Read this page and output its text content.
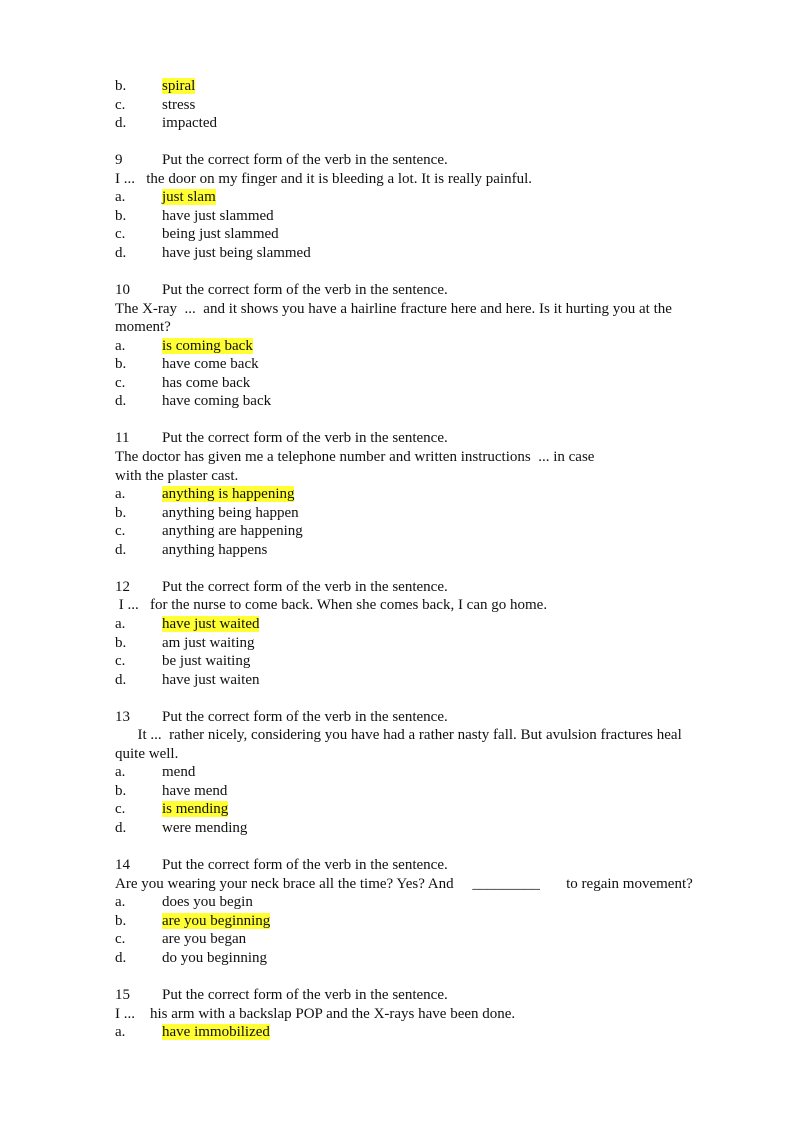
b. spiral
c. stress
d. impacted
9	Put the correct form of the verb in the sentence.
I ...   the door on my finger and it is bleeding a lot. It is really painful.
a. just slam
b. have just slammed
c. being just slammed
d. have just being slammed
10 Put the correct form of the verb in the sentence.
The X-ray  ...  and it shows you have a hairline fracture here and here. Is it hurting you at the
moment?
a. is coming back
b. have come back
c. has come back
d. have coming back
11 Put the correct form of the verb in the sentence.
The doctor has given me a telephone number and written instructions  ... in case
with the plaster cast.
a. anything is happening
b. anything being happen
c. anything are happening
d. anything happens
12 Put the correct form of the verb in the sentence.
I ...   for the nurse to come back. When she comes back, I can go home.
a. have just waited
b. am just waiting
c. be just waiting
d. have just waiten
13 Put the correct form of the verb in the sentence.
It ...  rather nicely, considering you have had a rather nasty fall. But avulsion fractures heal
quite well.
a. mend
b. have mend
c. is mending
d. were mending
14 Put the correct form of the verb in the sentence.
Are you wearing your neck brace all the time? Yes? And     _________       to regain movement?
a. does you begin
b. are you beginning
c. are you began
d. do you beginning
15 Put the correct form of the verb in the sentence.
I ...    his arm with a backslap POP and the X-rays have been done.
a. have immobilized
